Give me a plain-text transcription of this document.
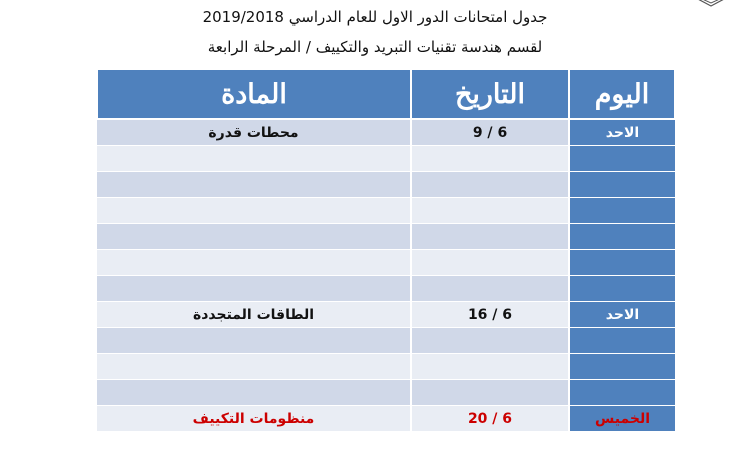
جدول امتحانات الدور الاول للعام الدراسي 2019/2018
لقسم هندسة تقنيات التبريد والتكييف / المرحلة الرابعة
اليوم	التاريخ	المادة
الاحد	6 / 9	محطات قدرة

الاحد	6 / 16	الطاقات المتجددة

الخميس	6 / 20	منظومات التكييف
